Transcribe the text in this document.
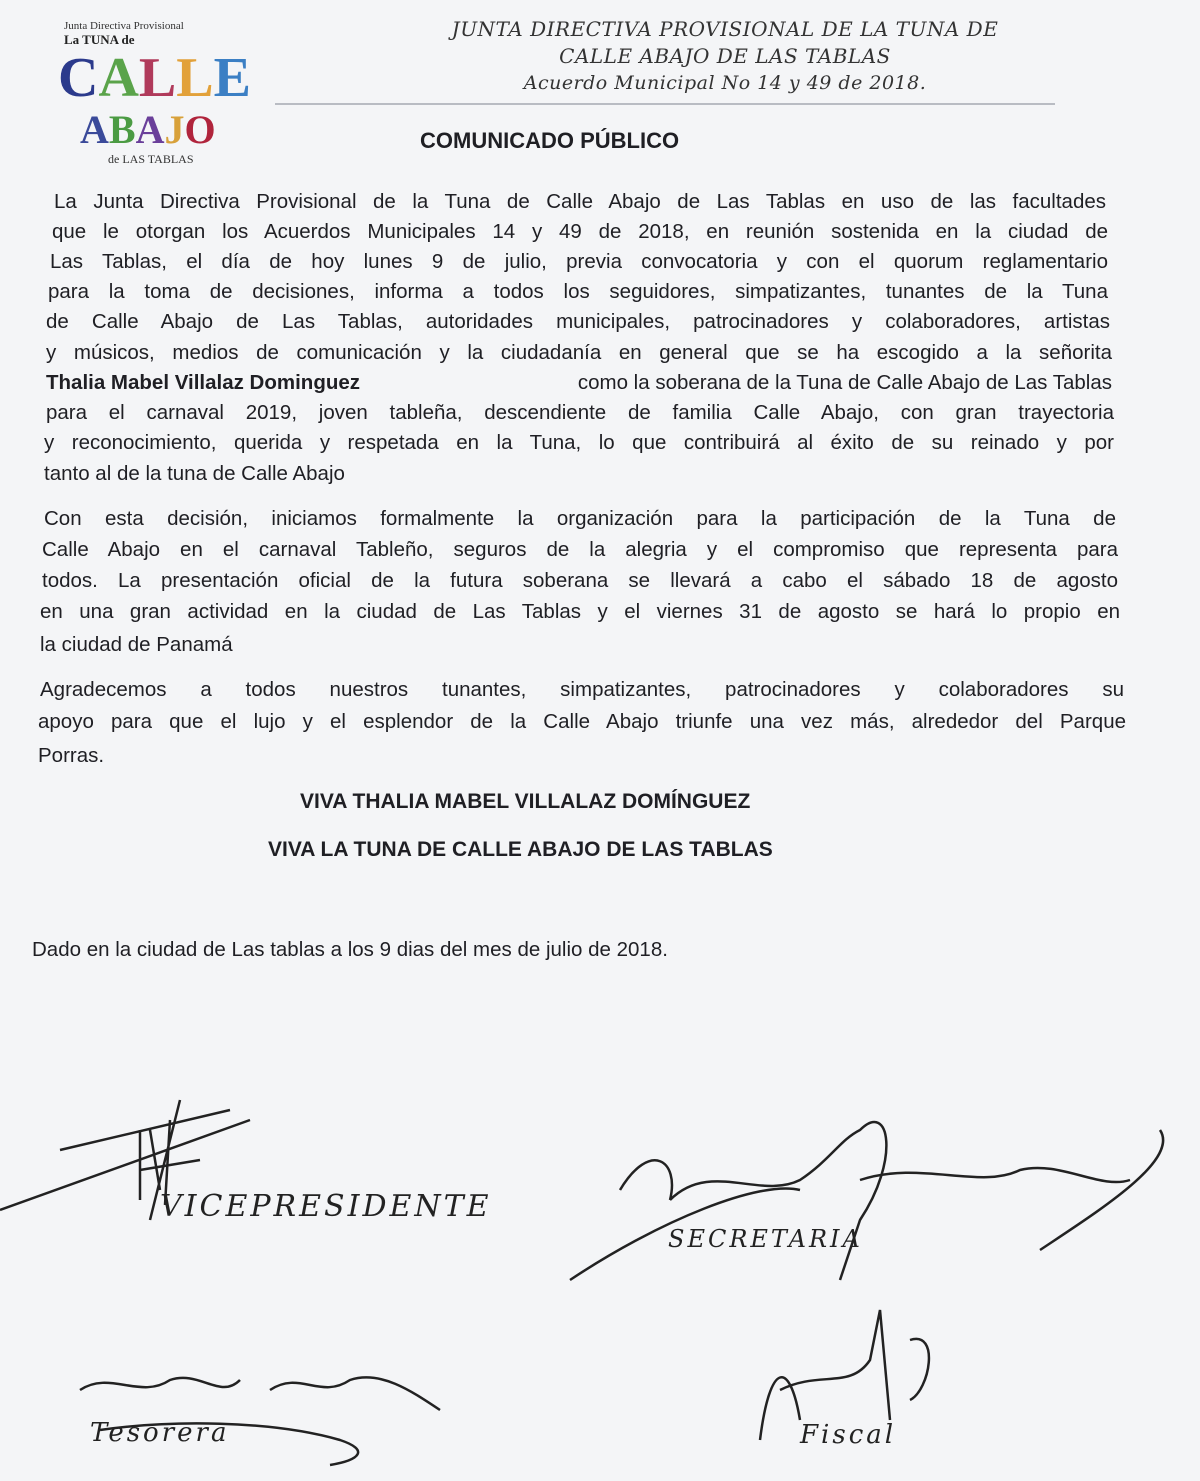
Junta Directiva Provisional
La TUNA de
CALLE
ABAJO
de LAS TABLAS
JUNTA DIRECTIVA PROVISIONAL DE LA TUNA DE
CALLE ABAJO DE LAS TABLAS
Acuerdo Municipal No 14 y 49 de 2018.
COMUNICADO PÚBLICO
La Junta Directiva Provisional de la Tuna de Calle Abajo de Las Tablas en uso de las facultades
que le otorgan los Acuerdos Municipales 14 y 49 de 2018, en reunión sostenida en la ciudad de
Las Tablas, el día de hoy lunes 9 de julio, previa convocatoria y con el quorum reglamentario
para la toma de decisiones, informa a todos los seguidores, simpatizantes, tunantes de la Tuna
de Calle Abajo de Las Tablas, autoridades municipales, patrocinadores y colaboradores, artistas
y músicos, medios de comunicación y la ciudadanía en general que se ha escogido a la señorita
Thalia Mabel Villalaz Dominguez	como la soberana de la Tuna de Calle Abajo de Las Tablas
para el carnaval 2019, joven tableña, descendiente de familia Calle Abajo, con gran trayectoria
y reconocimiento, querida y respetada en la Tuna, lo que contribuirá al éxito de su reinado y por
tanto al de la tuna de Calle Abajo
Con esta decisión, iniciamos formalmente la organización para la participación de la Tuna de
Calle Abajo en el carnaval Tableño, seguros de la alegria y el compromiso que representa para
todos. La presentación oficial de la futura soberana se llevará a cabo el sábado 18 de agosto
en una gran actividad en la ciudad de Las Tablas y el viernes 31 de agosto se hará lo propio en
la ciudad de Panamá
Agradecemos a todos nuestros tunantes, simpatizantes, patrocinadores y colaboradores su
apoyo para que el lujo y el esplendor de la Calle Abajo triunfe una vez más, alrededor del Parque
Porras.
VIVA THALIA MABEL VILLALAZ DOMÍNGUEZ
VIVA LA TUNA DE CALLE ABAJO DE LAS TABLAS
Dado en la ciudad de Las tablas a los 9 dias del mes de julio de 2018.
VICEPRESIDENTE
SECRETARIA
Tesorera	Fiscal
